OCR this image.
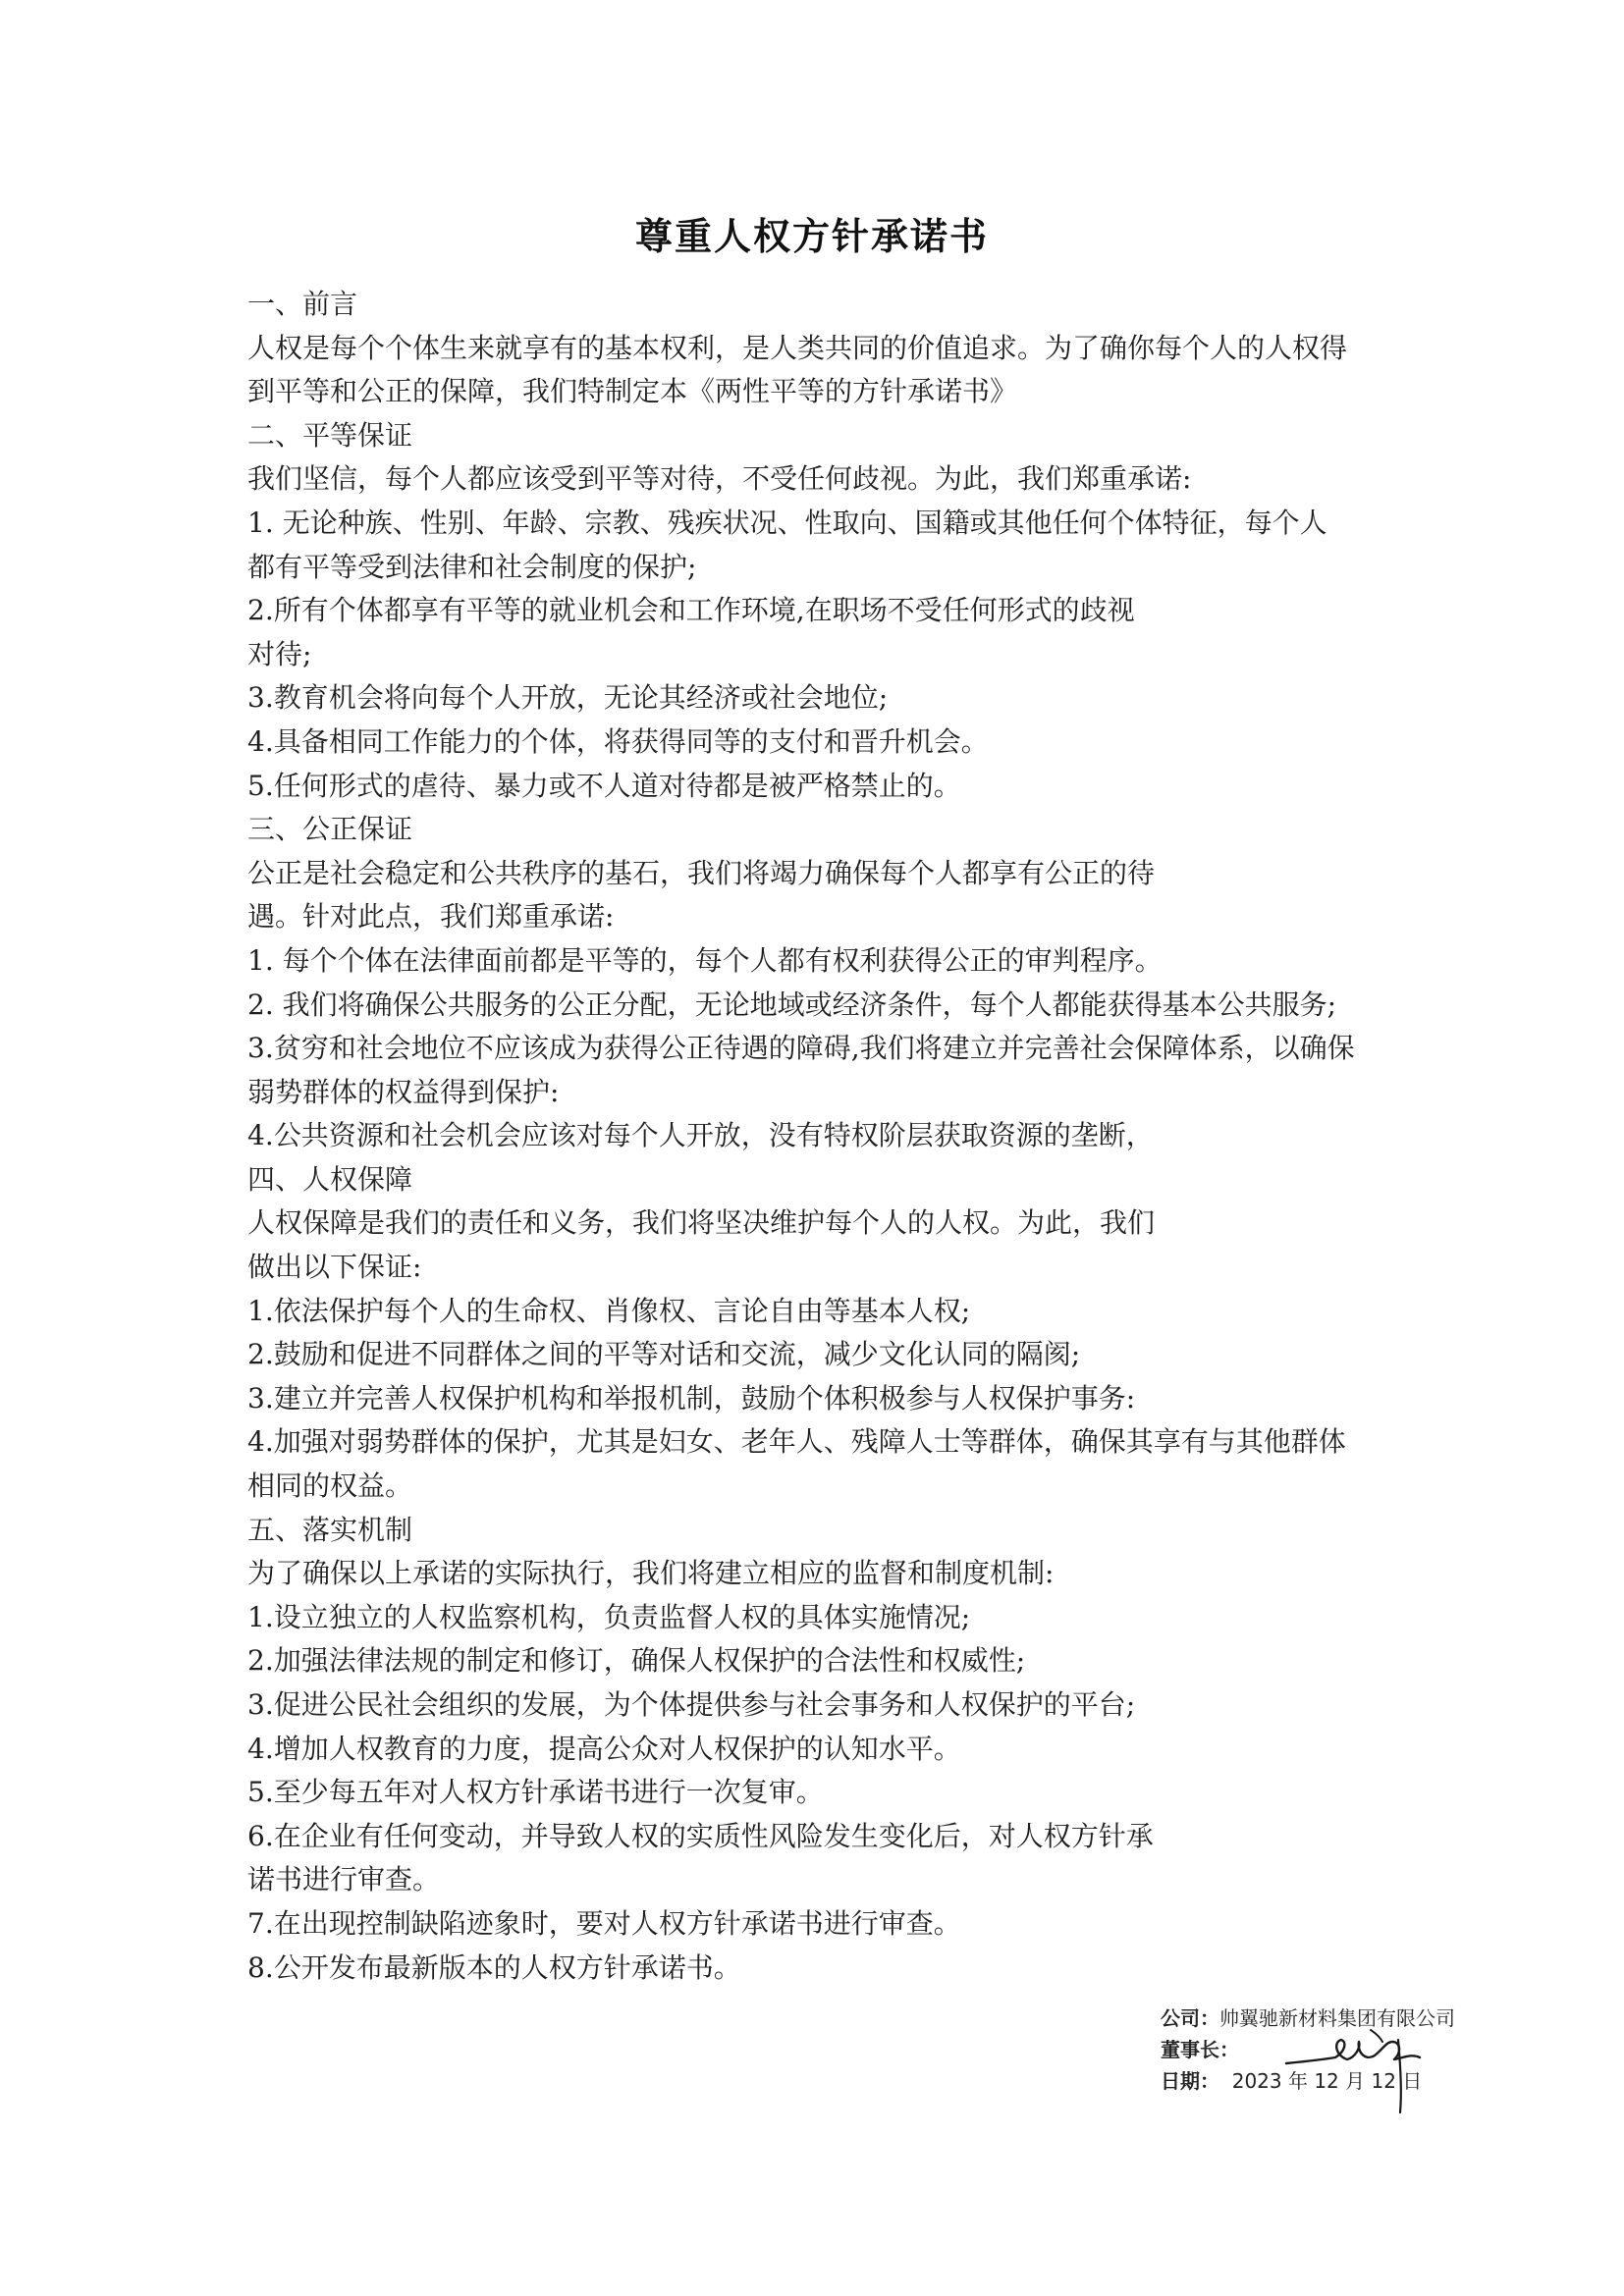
尊重人权方针承诺书
一、前言
人权是每个个体生来就享有的基本权利，是人类共同的价值追求。为了确你每个人的人权得
到平等和公正的保障，我们特制定本《两性平等的方针承诺书》
二、平等保证
我们坚信，每个人都应该受到平等对待，不受任何歧视。为此，我们郑重承诺:
1. 无论种族、性别、年龄、宗教、残疾状况、性取向、国籍或其他任何个体特征，每个人
都有平等受到法律和社会制度的保护;
2.所有个体都享有平等的就业机会和工作环境,在职场不受任何形式的歧视
对待;
3.教育机会将向每个人开放，无论其经济或社会地位;
4.具备相同工作能力的个体，将获得同等的支付和晋升机会。
5.任何形式的虐待、暴力或不人道对待都是被严格禁止的。
三、公正保证
公正是社会稳定和公共秩序的基石，我们将竭力确保每个人都享有公正的待
遇。针对此点，我们郑重承诺:
1. 每个个体在法律面前都是平等的，每个人都有权利获得公正的审判程序。
2. 我们将确保公共服务的公正分配，无论地域或经济条件，每个人都能获得基本公共服务;
3.贫穷和社会地位不应该成为获得公正待遇的障碍,我们将建立并完善社会保障体系，以确保
弱势群体的权益得到保护:
4.公共资源和社会机会应该对每个人开放，没有特权阶层获取资源的垄断，
四、人权保障
人权保障是我们的责任和义务，我们将坚决维护每个人的人权。为此，我们
做出以下保证:
1.依法保护每个人的生命权、肖像权、言论自由等基本人权;
2.鼓励和促进不同群体之间的平等对话和交流，减少文化认同的隔阂;
3.建立并完善人权保护机构和举报机制，鼓励个体积极参与人权保护事务:
4.加强对弱势群体的保护，尤其是妇女、老年人、残障人士等群体，确保其享有与其他群体
相同的权益。
五、落实机制
为了确保以上承诺的实际执行，我们将建立相应的监督和制度机制:
1.设立独立的人权监察机构，负责监督人权的具体实施情况;
2.加强法律法规的制定和修订，确保人权保护的合法性和权威性;
3.促进公民社会组织的发展，为个体提供参与社会事务和人权保护的平台;
4.增加人权教育的力度，提高公众对人权保护的认知水平。
5.至少每五年对人权方针承诺书进行一次复审。
6.在企业有任何变动，并导致人权的实质性风险发生变化后，对人权方针承
诺书进行审查。
7.在出现控制缺陷迹象时，要对人权方针承诺书进行审查。
8.公开发布最新版本的人权方针承诺书。
公司：帅翼驰新材料集团有限公司
董事长：
日期： 2023 年 12 月 12 日
